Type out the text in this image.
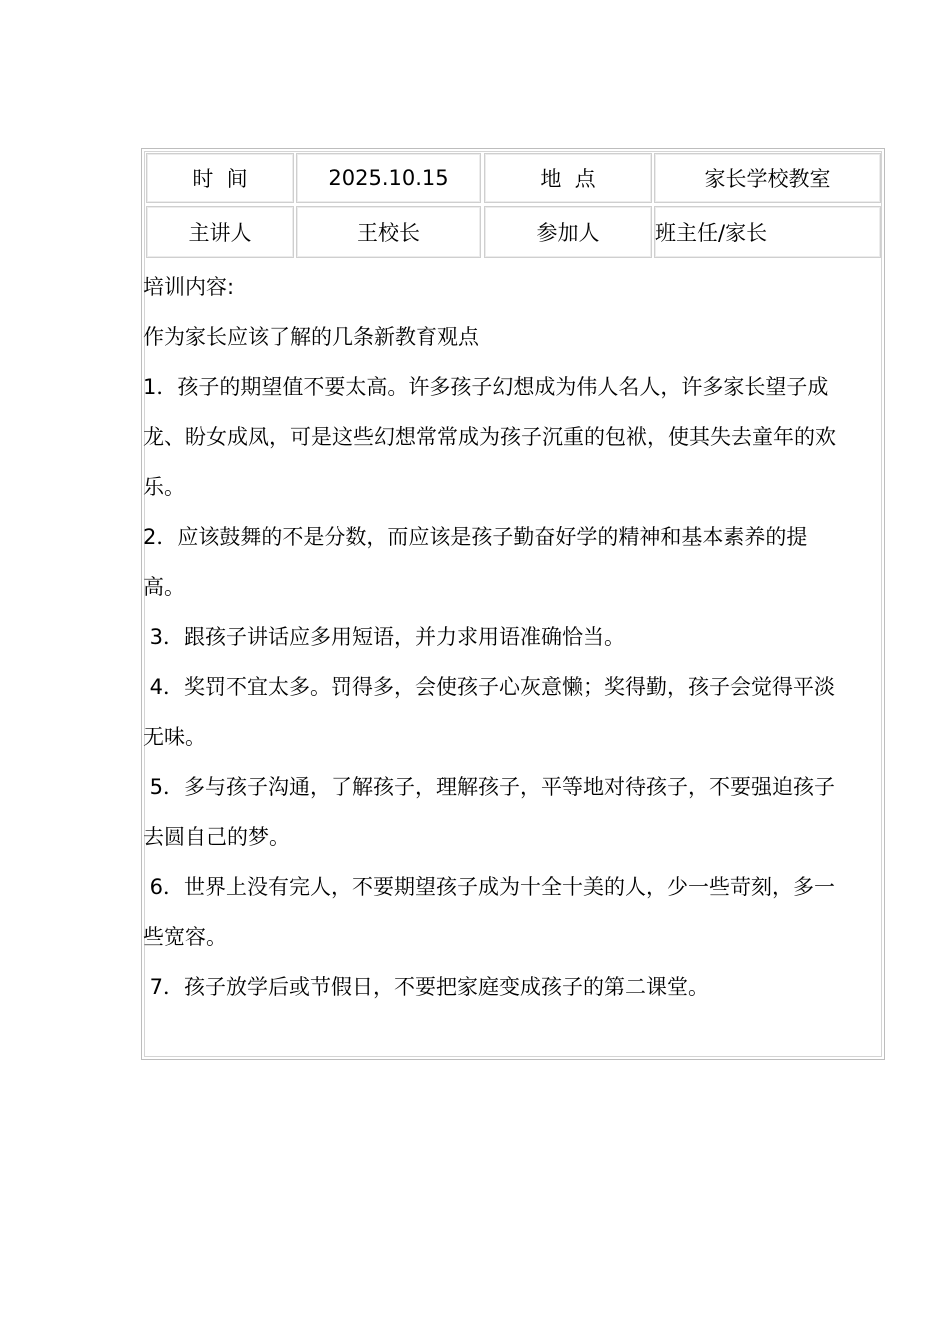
时  间	2025.10.15	地  点	家长学校教室
主讲人	王校长	参加人	班主任/家长
培训内容:
作为家长应该了解的几条新教育观点
1．孩子的期望值不要太高。许多孩子幻想成为伟人名人，许多家长望子成
龙、盼女成凤，可是这些幻想常常成为孩子沉重的包袱，使其失去童年的欢
乐。
2．应该鼓舞的不是分数，而应该是孩子勤奋好学的精神和基本素养的提
高。
3．跟孩子讲话应多用短语，并力求用语准确恰当。
4．奖罚不宜太多。罚得多，会使孩子心灰意懒；奖得勤，孩子会觉得平淡
无味。
5．多与孩子沟通，了解孩子，理解孩子，平等地对待孩子，不要强迫孩子
去圆自己的梦。
6．世界上没有完人，不要期望孩子成为十全十美的人，少一些苛刻，多一
些宽容。
7．孩子放学后或节假日，不要把家庭变成孩子的第二课堂。
